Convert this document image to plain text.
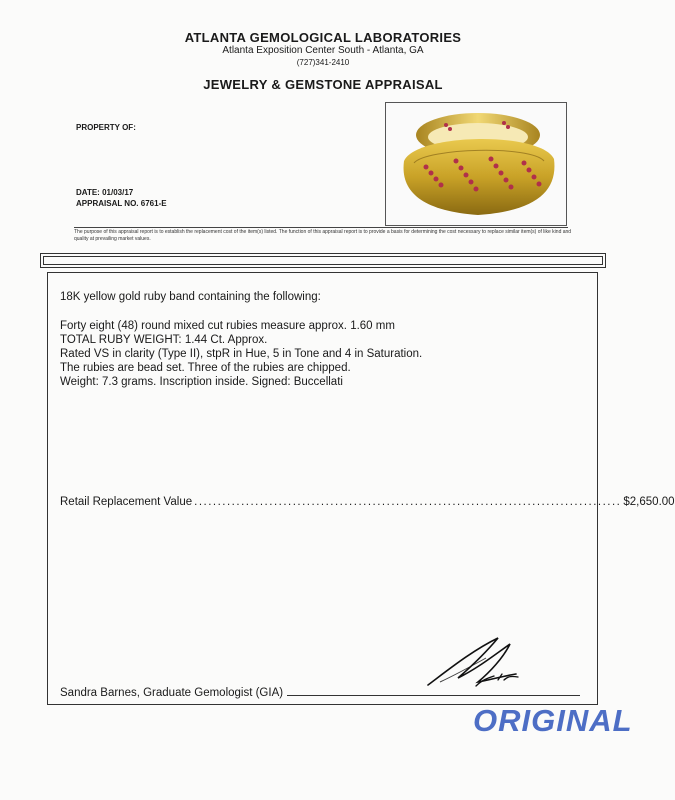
ATLANTA GEMOLOGICAL LABORATORIES
Atlanta Exposition Center South - Atlanta, GA
(727)341-2410
JEWELRY & GEMSTONE APPRAISAL
PROPERTY OF:
DATE: 01/03/17
APPRAISAL NO. 6761-E
The purpose of this appraisal report is to establish the replacement cost of the item(s) listed. The function of this appraisal report is to provide a basis for determining the cost necessary to replace similar item(s) of like kind and quality at prevailing market values.
18K yellow gold ruby band containing the following:
Forty eight (48) round mixed cut rubies measure approx. 1.60 mm
TOTAL RUBY WEIGHT: 1.44 Ct. Approx.
Rated VS in clarity (Type II), stpR in Hue, 5 in Tone and 4 in Saturation.
The rubies are bead set. Three of the rubies are chipped.
Weight: 7.3 grams. Inscription inside. Signed: Buccellati
Retail Replacement Value ........................................................................................... $2,650.00
Sandra Barnes, Graduate Gemologist (GIA)
ORIGINAL
